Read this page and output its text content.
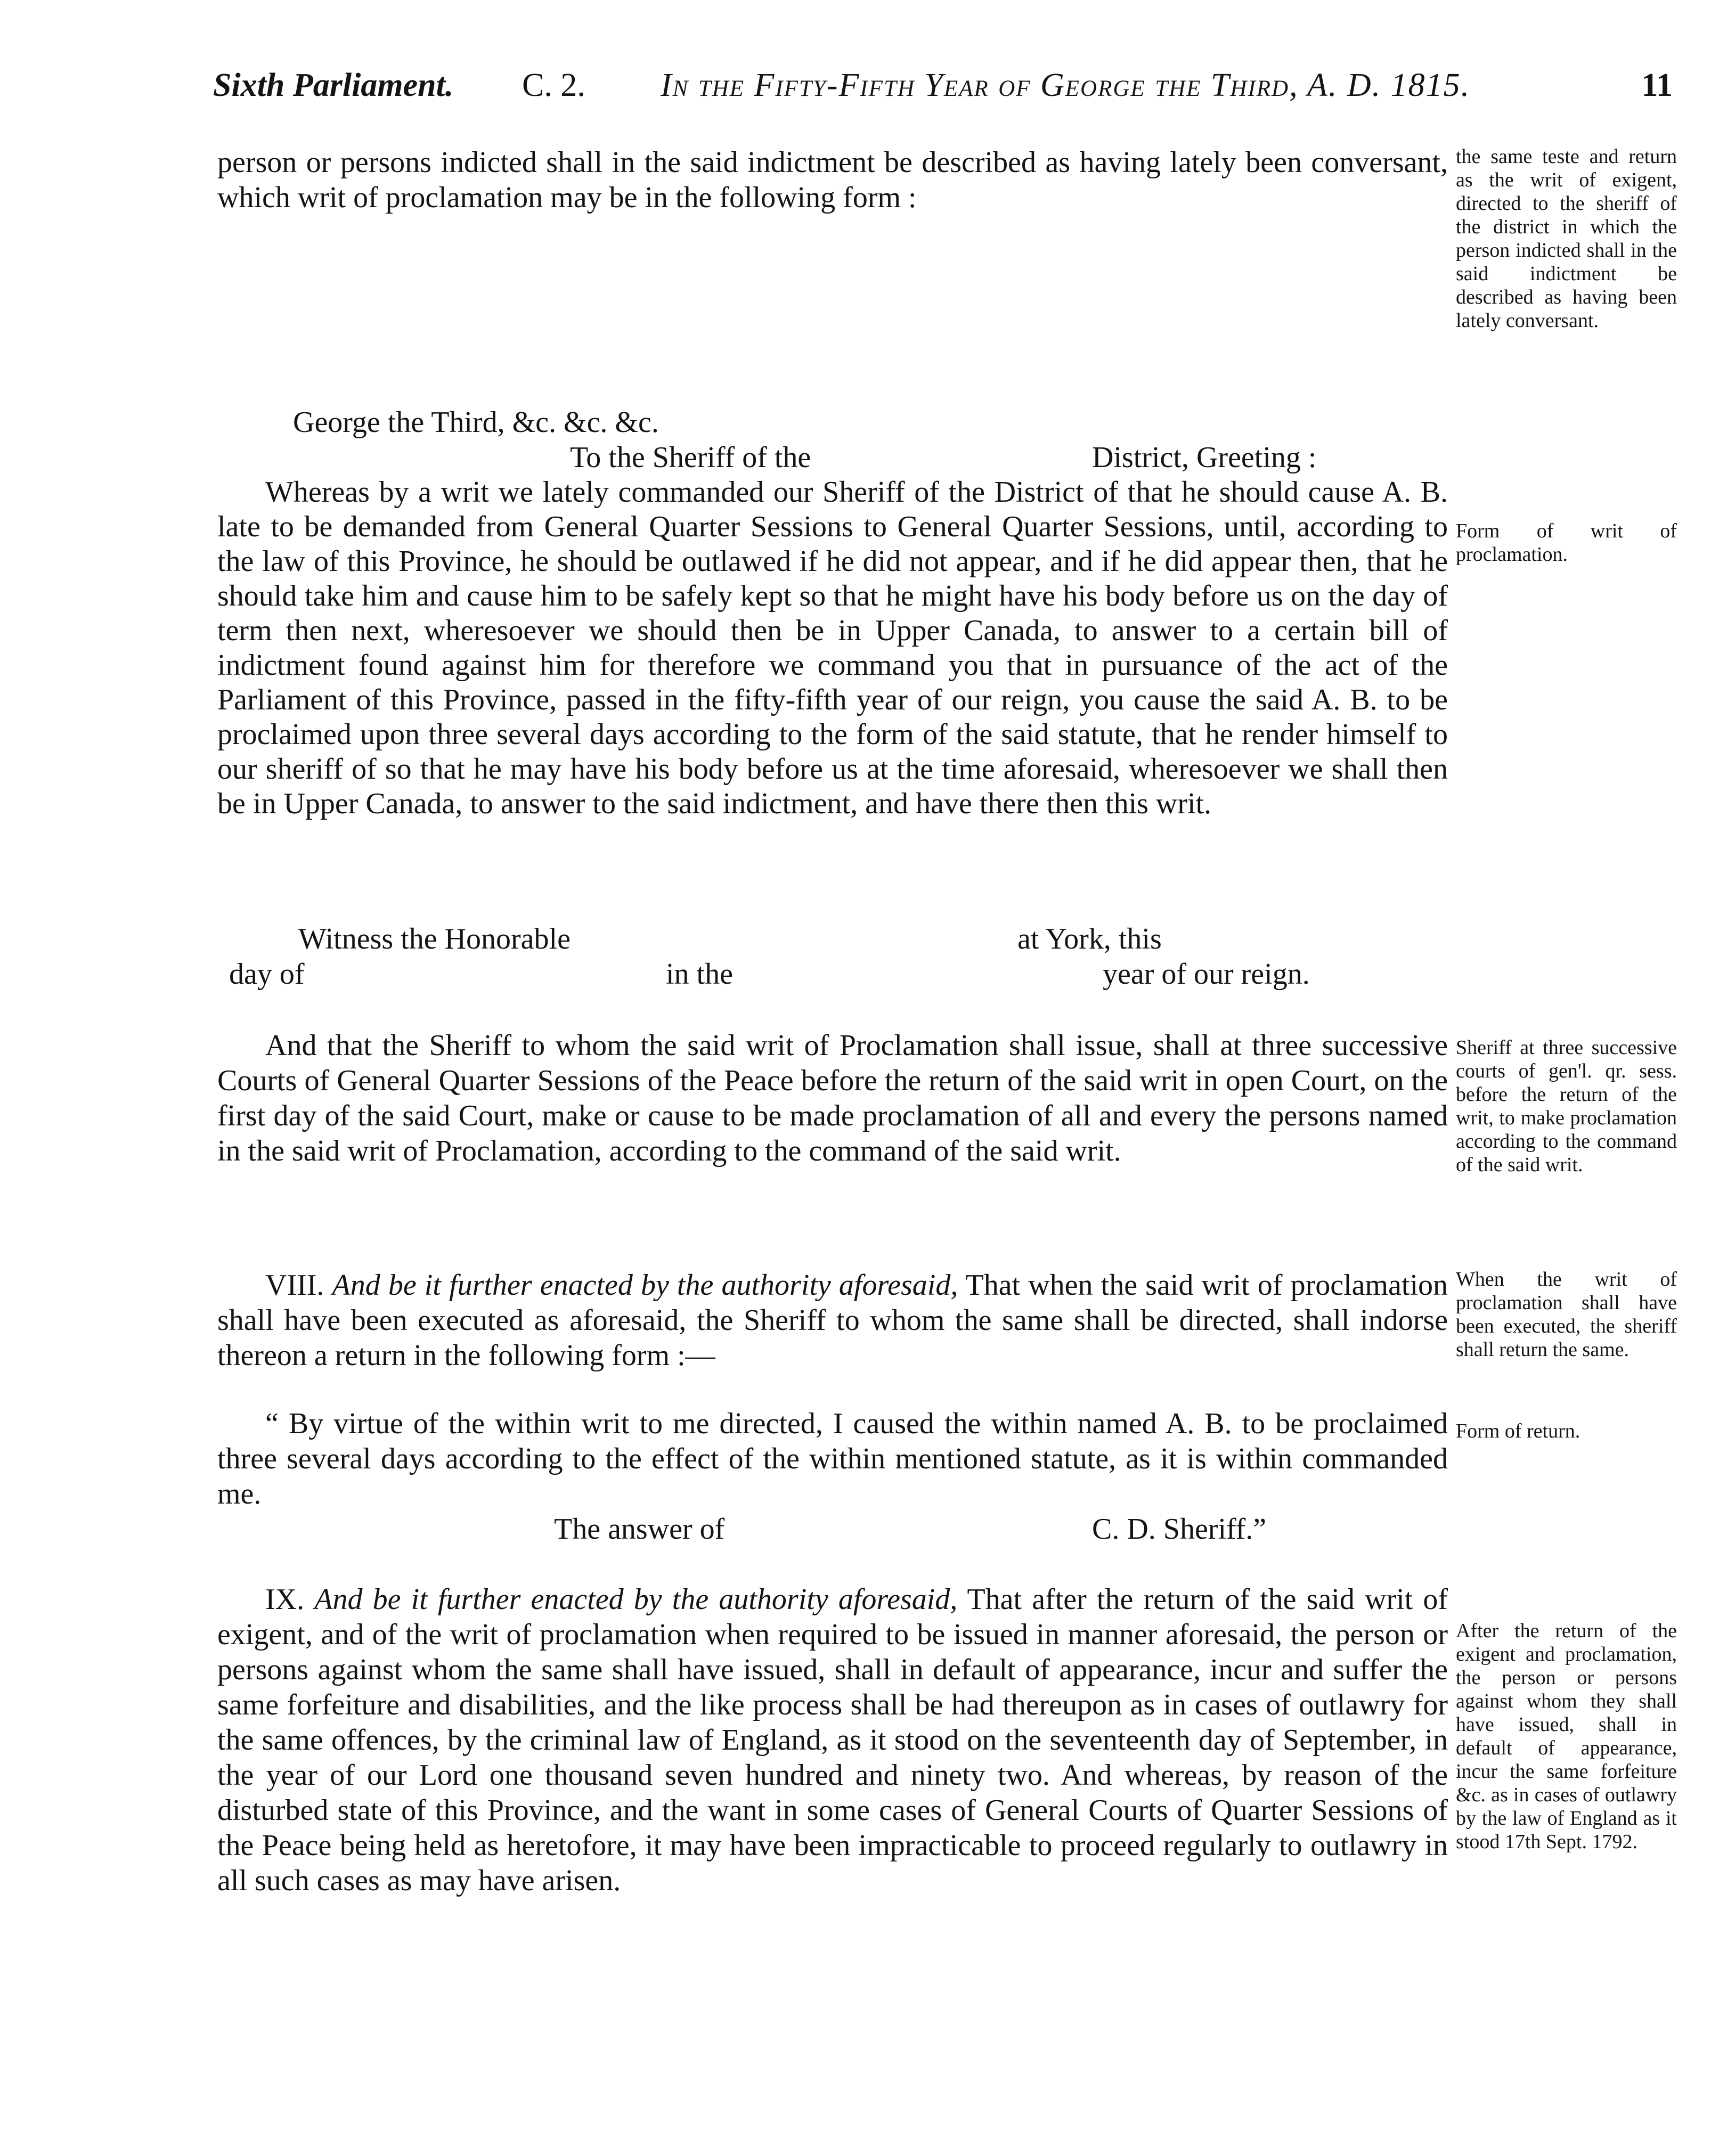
Sixth Parliament. C. 2. In the Fifty-Fifth Year of George the Third, A. D. 1815.	11

person or persons indicted shall in the said indictment be described as having lately been conversant, which writ of proclamation may be in the following form :

George the Third, &c. &c. &c.
To the Sheriff of the	District, Greeting :

Whereas by a writ we lately commanded our Sheriff of the District of that he should cause A. B. late to be demanded from General Quarter Sessions to General Quarter Sessions, until, according to the law of this Province, he should be outlawed if he did not appear, and if he did appear then, that he should take him and cause him to be safely kept so that he might have his body before us on the day of term then next, wheresoever we should then be in Upper Canada, to answer to a certain bill of indictment found against him for therefore we command you that in pursuance of the act of the Parliament of this Province, passed in the fifty-fifth year of our reign, you cause the said A. B. to be proclaimed upon three several days according to the form of the said statute, that he render himself to our sheriff of so that he may have his body before us at the time aforesaid, wheresoever we shall then be in Upper Canada, to answer to the said indictment, and have there then this writ.

Witness the Honorable	at York, this
day of	in the	year of our reign.

And that the Sheriff to whom the said writ of Proclamation shall issue, shall at three successive Courts of General Quarter Sessions of the Peace before the return of the said writ in open Court, on the first day of the said Court, make or cause to be made proclamation of all and every the persons named in the said writ of Proclamation, according to the command of the said writ.

VIII. And be it further enacted by the authority aforesaid, That when the said writ of proclamation shall have been executed as aforesaid, the Sheriff to whom the same shall be directed, shall indorse thereon a return in the following form :—

“ By virtue of the within writ to me directed, I caused the within named A. B. to be proclaimed three several days according to the effect of the within mentioned statute, as it is within commanded me.

The answer of	C. D. Sheriff.”

IX. And be it further enacted by the authority aforesaid, That after the return of the said writ of exigent, and of the writ of proclamation when required to be issued in manner aforesaid, the person or persons against whom the same shall have issued, shall in default of appearance, incur and suffer the same forfeiture and disabilities, and the like process shall be had thereupon as in cases of outlawry for the same offences, by the criminal law of England, as it stood on the seventeenth day of September, in the year of our Lord one thousand seven hundred and ninety two. And whereas, by reason of the disturbed state of this Province, and the want in some cases of General Courts of Quarter Sessions of the Peace being held as heretofore, it may have been impracticable to proceed regularly to outlawry in all such cases as may have arisen.

the same teste and return as the writ of exigent, directed to the sheriff of the district in which the person indicted shall in the said indictment be described as having been lately conversant.
Form of writ of proclamation.
Sheriff at three successive courts of gen'l. qr. sess. before the return of the writ, to make proclamation according to the command of the said writ.
When the writ of proclamation shall have been executed, the sheriff shall return the same.
Form of return.
After the return of the exigent and proclamation, the person or persons against whom they shall have issued, shall in default of appearance, incur the same forfeiture &c. as in cases of outlawry by the law of England as it stood 17th Sept. 1792.
